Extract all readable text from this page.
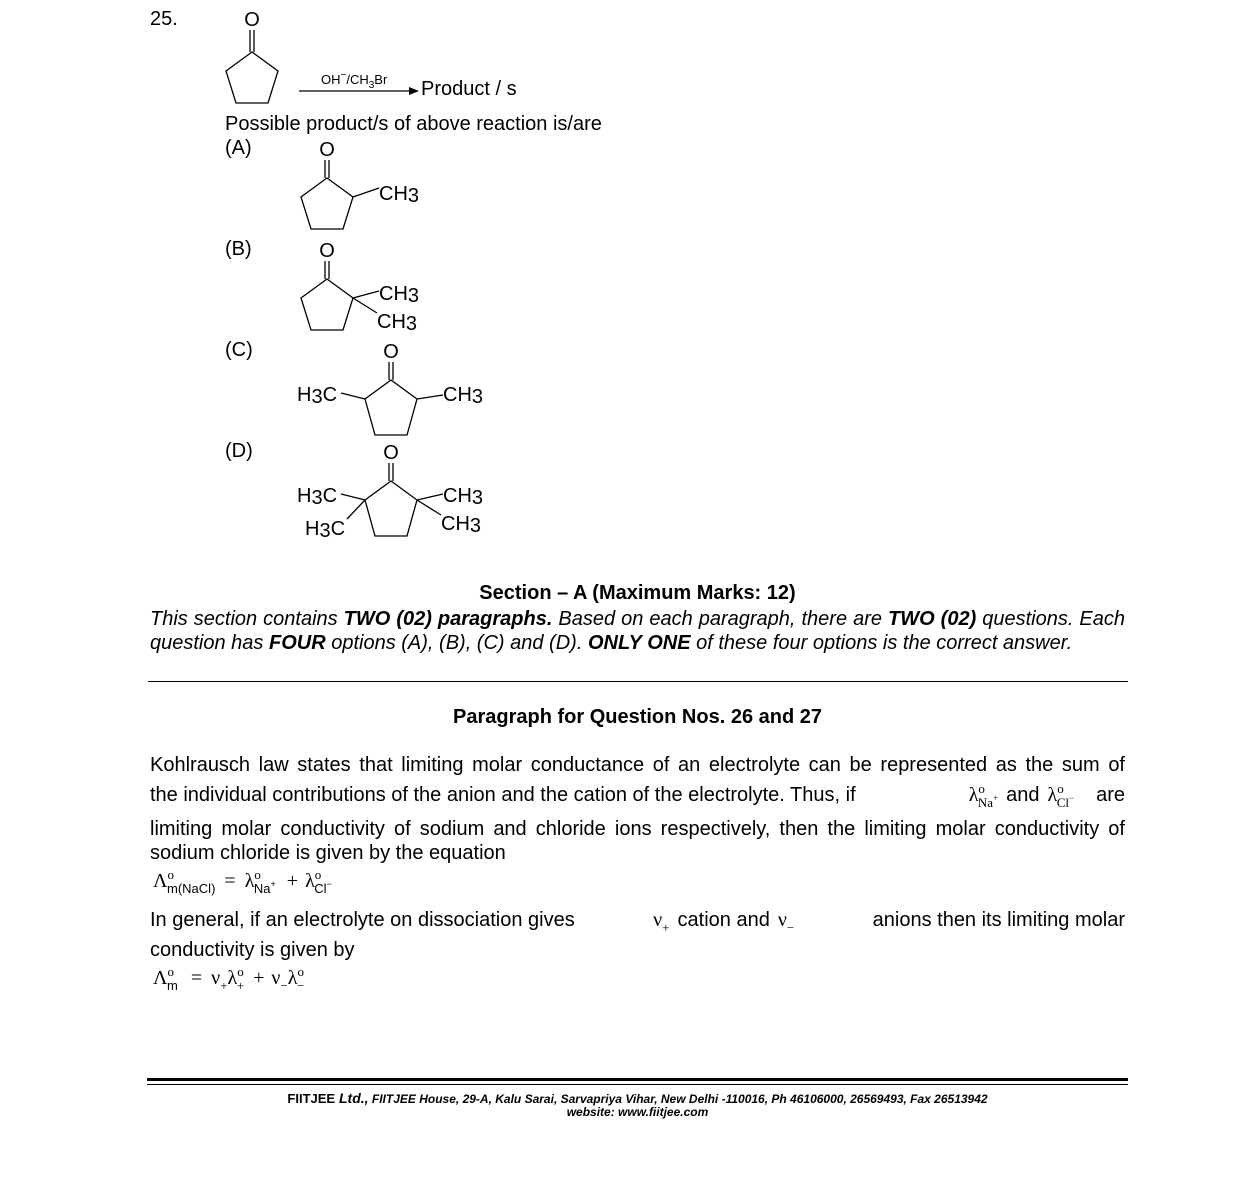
25.	O
$OH^-/CH_3Br$ Product / s
Possible product/s of above reaction is/are
(A)
(B)
(C)
(D)
O
CH3
O
CH3
CH3
O
H3C	CH3
O
H3C
H3C
CH3
CH3
Section – A (Maximum Marks: 12)
This section contains TWO (02) paragraphs. Based on each paragraph, there are TWO (02) questions. Each question has FOUR options (A), (B), (C) and (D). ONLY ONE of these four options is the correct answer.
Paragraph for Question Nos. 26 and 27
Kohlrausch law states that limiting molar conductance of an electrolyte can be represented as the sum of
the individual contributions of the anion and the cation of the electrolyte. Thus, if	$\lambda^o_{Na^+}$ and $\lambda^o_{Cl^-}$ are
limiting molar conductivity of sodium and chloride ions respectively, then the limiting molar conductivity of
sodium chloride is given by the equation
$\Lambda^o_{m(NaCl)} = \lambda^o_{Na^+} + \lambda^o_{Cl^-}$
In general, if an electrolyte on dissociation gives	$\nu_+$ cation and $\nu_-$	anions then its limiting molar
conductivity is given by
$\Lambda^o_m = \nu_+\lambda^o_+ + \nu_-\lambda^o_-$
FIITJEE Ltd., FIITJEE House, 29-A, Kalu Sarai, Sarvapriya Vihar, New Delhi -110016, Ph 46106000, 26569493, Fax 26513942
website: www.fiitjee.com
